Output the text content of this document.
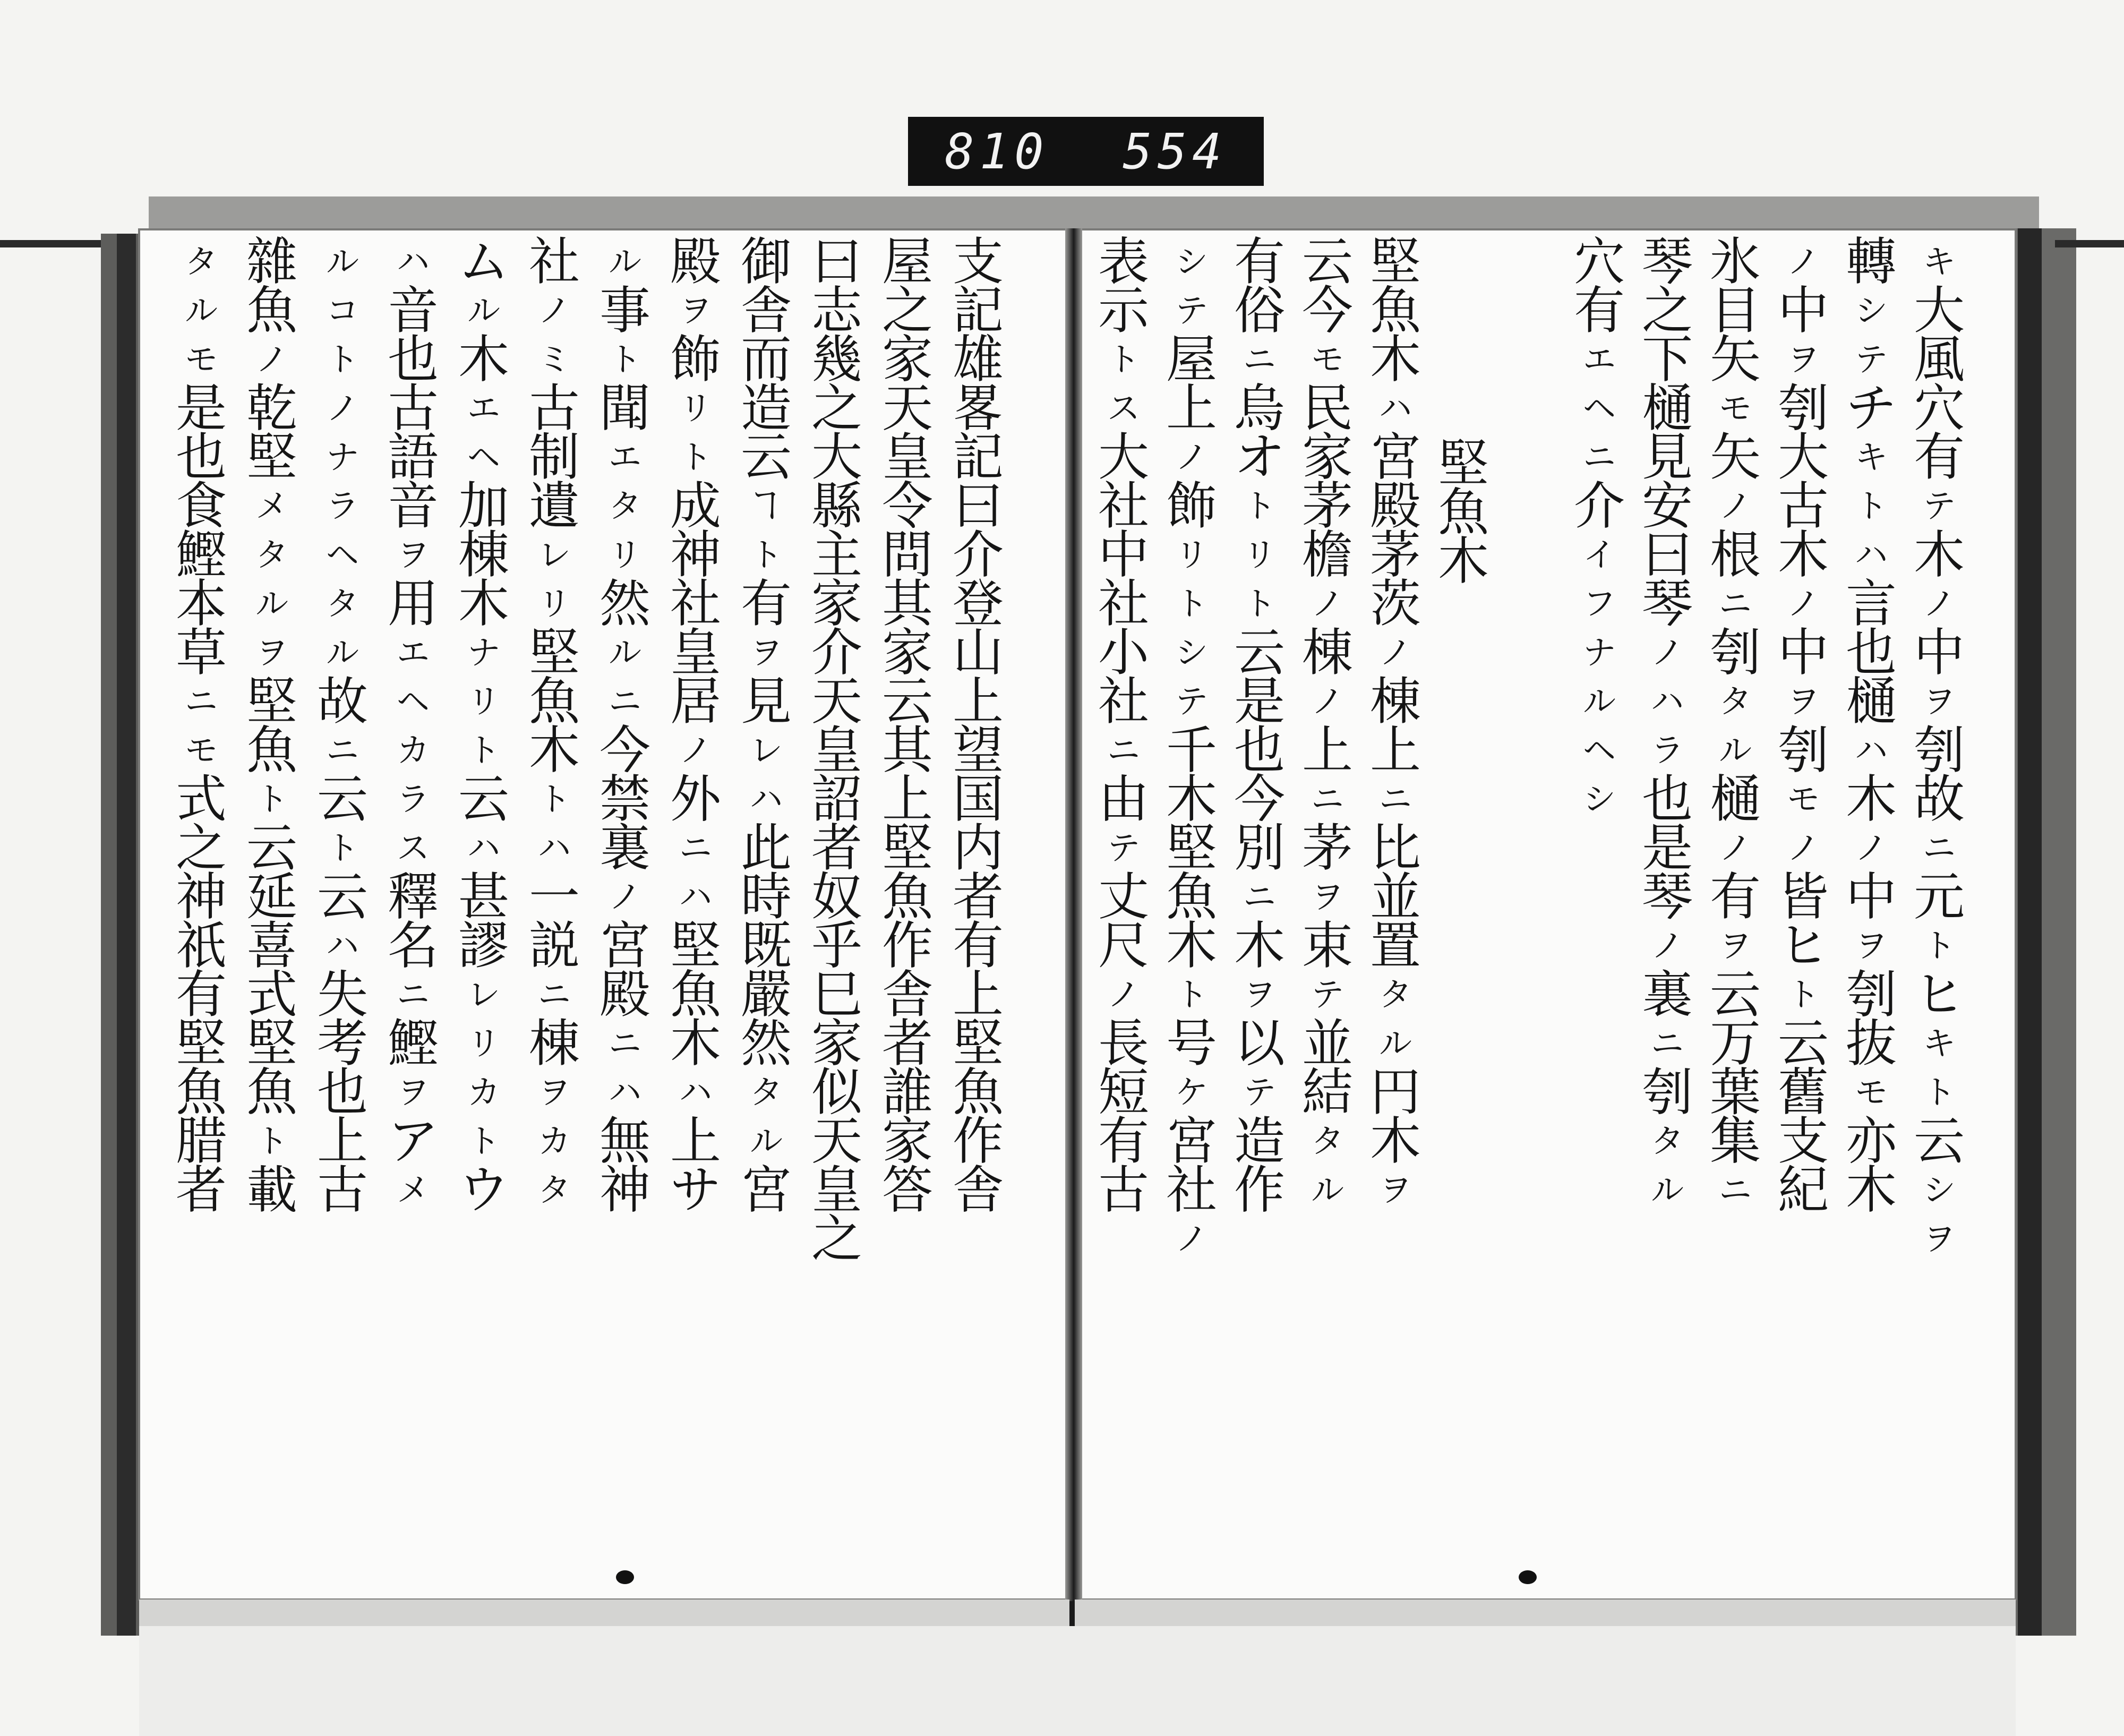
810 554
支
記
雄
畧
記
曰
介
登
山
上
望
国
内
者
有
上
堅
魚
作
舎
屋
之
家
天
皇
令
問
其
家
云
其
上
堅
魚
作
舎
者
誰
家
答
曰
志
幾
之
大
縣
主
家
介
天
皇
詔
者
奴
乎
巳
家
似
天
皇
之
御
舎
而
造
云
ヿ
ト
有
ヲ
見
レ
ハ
此
時
既
嚴
然
タ
ル
宮
殿
ヲ
飾
リ
ト
成
神
社
皇
居
ノ
外
ニ
ハ
堅
魚
木
ハ
上
サ
ル
事
ト
聞
エ
タ
リ
然
ル
ニ
今
禁
裏
ノ
宮
殿
ニ
ハ
無
神
社
ノ
ミ
古
制
遺
レ
リ
堅
魚
木
ト
ハ
一
説
ニ
棟
ヲ
カ
タ
ム
ル
木
エ
ヘ
加
棟
木
ナ
リ
ト
云
ハ
甚
謬
レ
リ
カ
ト
ウ
ハ
音
也
古
語
音
ヲ
用
エ
ヘ
カ
ラ
ス
釋
名
ニ
鰹
ヲ
ア
メ
ル
コ
ト
ノ
ナ
ラ
ヘ
タ
ル
故
ニ
云
ト
云
ハ
失
考
也
上
古
雜
魚
ノ
乾
堅
メ
タ
ル
ヲ
堅
魚
ト
云
延
喜
式
堅
魚
ト
載
タ
ル
モ
是
也
食
鰹
本
草
ニ
モ
式
之
神
祇
有
堅
魚
腊
者
キ
大
風
穴
有
テ
木
ノ
中
ヲ
刳
故
ニ
元
ト
ヒ
キ
ト
云
シ
ヲ
轉
シ
テ
チ
キ
ト
ハ
言
也
樋
ハ
木
ノ
中
ヲ
刳
抜
モ
亦
木
ノ
中
ヲ
刳
大
古
木
ノ
中
ヲ
刳
モ
ノ
皆
ヒ
ト
云
舊
支
紀
氷
目
矢
モ
矢
ノ
根
ニ
刳
タ
ル
樋
ノ
有
ヲ
云
万
葉
集
ニ
琴
之
下
樋
見
安
曰
琴
ノ
ハ
ラ
也
是
琴
ノ
裏
ニ
刳
タ
ル
穴
有
エ
ヘ
ニ
介
イ
フ
ナ
ル
ヘ
シ
堅
魚
木
堅
魚
木
ハ
宮
殿
茅
茨
ノ
棟
上
ニ
比
並
置
タ
ル
円
木
ヲ
云
今
モ
民
家
茅
檐
ノ
棟
ノ
上
ニ
茅
ヲ
束
テ
並
結
タ
ル
有
俗
ニ
烏
オ
ト
リ
ト
云
是
也
今
別
ニ
木
ヲ
以
テ
造
作
シ
テ
屋
上
ノ
飾
リ
ト
シ
テ
千
木
堅
魚
木
ト
号
ケ
宮
社
ノ
表
示
ト
ス
大
社
中
社
小
社
ニ
由
テ
丈
尺
ノ
長
短
有
古
